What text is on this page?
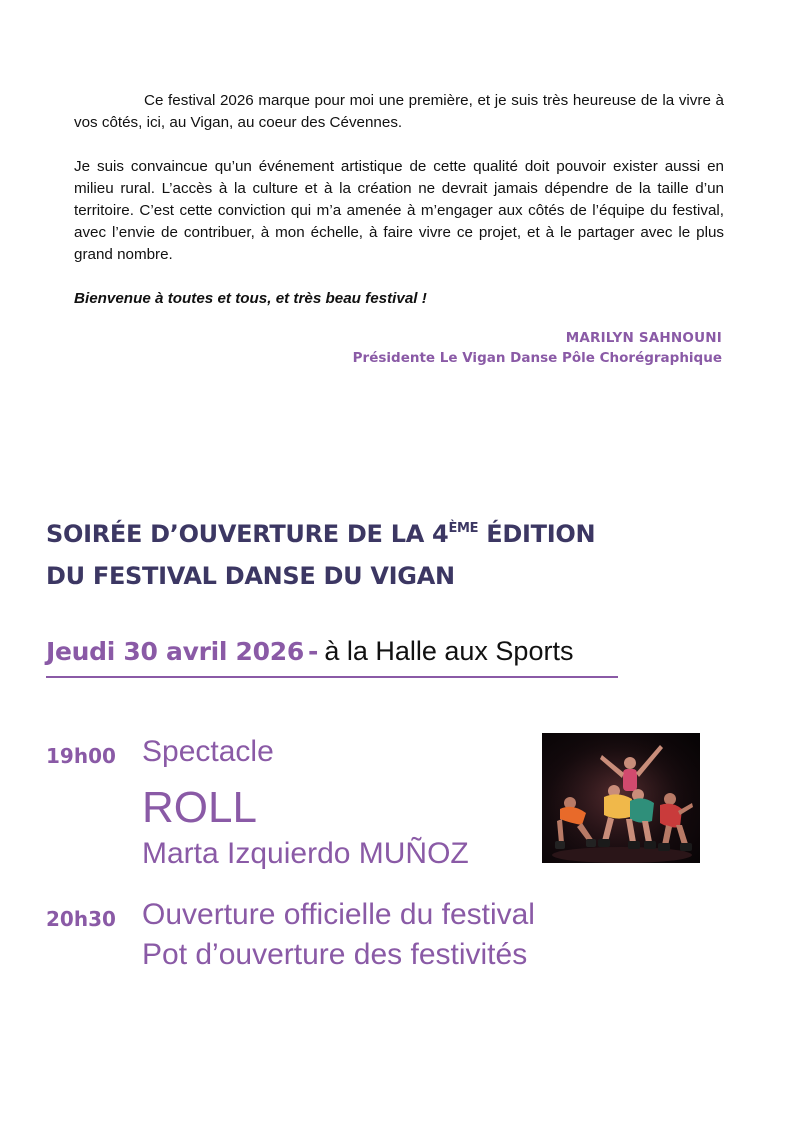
Ce festival 2026 marque pour moi une première, et je suis très heureuse de la vivre à vos côtés, ici, au Vigan, au coeur des Cévennes.

Je suis convaincue qu’un événement artistique de cette qualité doit pouvoir exister aussi en milieu rural. L’accès à la culture et à la création ne devrait jamais dépendre de la taille d’un territoire. C’est cette conviction qui m’a amenée à m’engager aux côtés de l’équipe du festival, avec l’envie de contribuer, à mon échelle, à faire vivre ce projet, et à le partager avec le plus grand nombre.

Bienvenue à toutes et tous, et très beau festival !

MARILYN SAHNOUNI
Présidente Le Vigan Danse Pôle Chorégraphique
SOIRÉE D’OUVERTURE DE LA 4ÈME ÉDITION
DU FESTIVAL DANSE DU VIGAN
Jeudi 30 avril 2026 - à la Halle aux Sports
19h00 Spectacle
ROLL
Marta Izquierdo MUÑOZ
20h30 Ouverture officielle du festival
Pot d’ouverture des festivités
